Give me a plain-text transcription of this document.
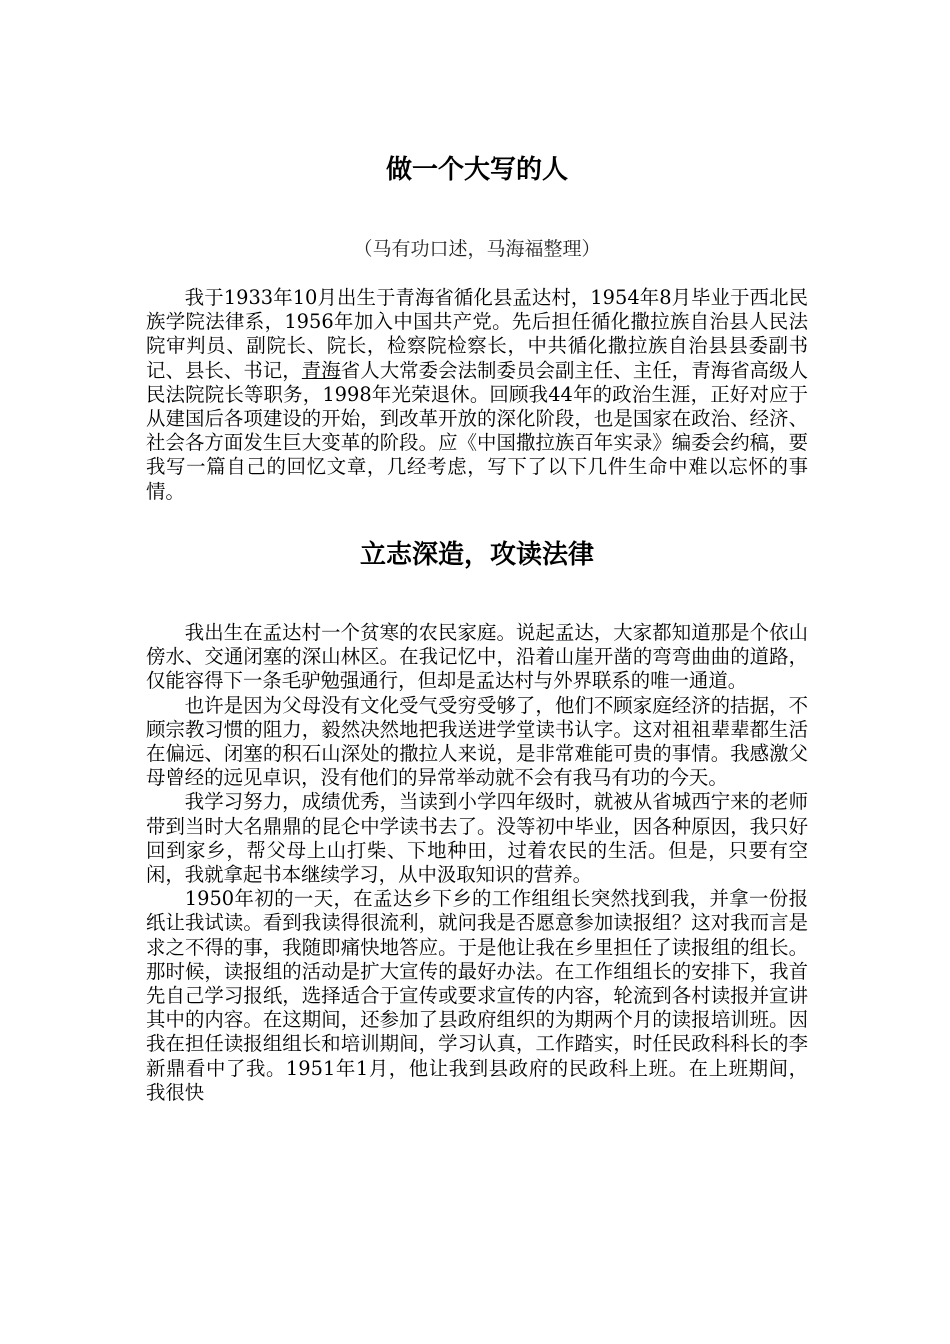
做一个大写的人

（马有功口述，马海福整理）

我于1933年10月出生于青海省循化县孟达村，1954年8月毕业于西北民族学院法律系，1956年加入中国共产党。先后担任循化撒拉族自治县人民法院审判员、副院长、院长，检察院检察长，中共循化撒拉族自治县县委副书记、县长、书记，青海省人大常委会法制委员会副主任、主任，青海省高级人民法院院长等职务，1998年光荣退休。回顾我44年的政治生涯，正好对应于从建国后各项建设的开始，到改革开放的深化阶段，也是国家在政治、经济、社会各方面发生巨大变革的阶段。应《中国撒拉族百年实录》编委会约稿，要我写一篇自己的回忆文章，几经考虑，写下了以下几件生命中难以忘怀的事情。

立志深造，攻读法律

我出生在孟达村一个贫寒的农民家庭。说起孟达，大家都知道那是个依山傍水、交通闭塞的深山林区。在我记忆中，沿着山崖开凿的弯弯曲曲的道路，仅能容得下一条毛驴勉强通行，但却是孟达村与外界联系的唯一通道。

也许是因为父母没有文化受气受穷受够了，他们不顾家庭经济的拮据，不顾宗教习惯的阻力，毅然决然地把我送进学堂读书认字。这对祖祖辈辈都生活在偏远、闭塞的积石山深处的撒拉人来说，是非常难能可贵的事情。我感激父母曾经的远见卓识，没有他们的异常举动就不会有我马有功的今天。

我学习努力，成绩优秀，当读到小学四年级时，就被从省城西宁来的老师带到当时大名鼎鼎的昆仑中学读书去了。没等初中毕业，因各种原因，我只好回到家乡，帮父母上山打柴、下地种田，过着农民的生活。但是，只要有空闲，我就拿起书本继续学习，从中汲取知识的营养。

1950年初的一天，在孟达乡下乡的工作组组长突然找到我，并拿一份报纸让我试读。看到我读得很流利，就问我是否愿意参加读报组？这对我而言是求之不得的事，我随即痛快地答应。于是他让我在乡里担任了读报组的组长。那时候，读报组的活动是扩大宣传的最好办法。在工作组组长的安排下，我首先自己学习报纸，选择适合于宣传或要求宣传的内容，轮流到各村读报并宣讲其中的内容。在这期间，还参加了县政府组织的为期两个月的读报培训班。因我在担任读报组组长和培训期间，学习认真，工作踏实，时任民政科科长的李新鼎看中了我。1951年1月，他让我到县政府的民政科上班。在上班期间，我很快
